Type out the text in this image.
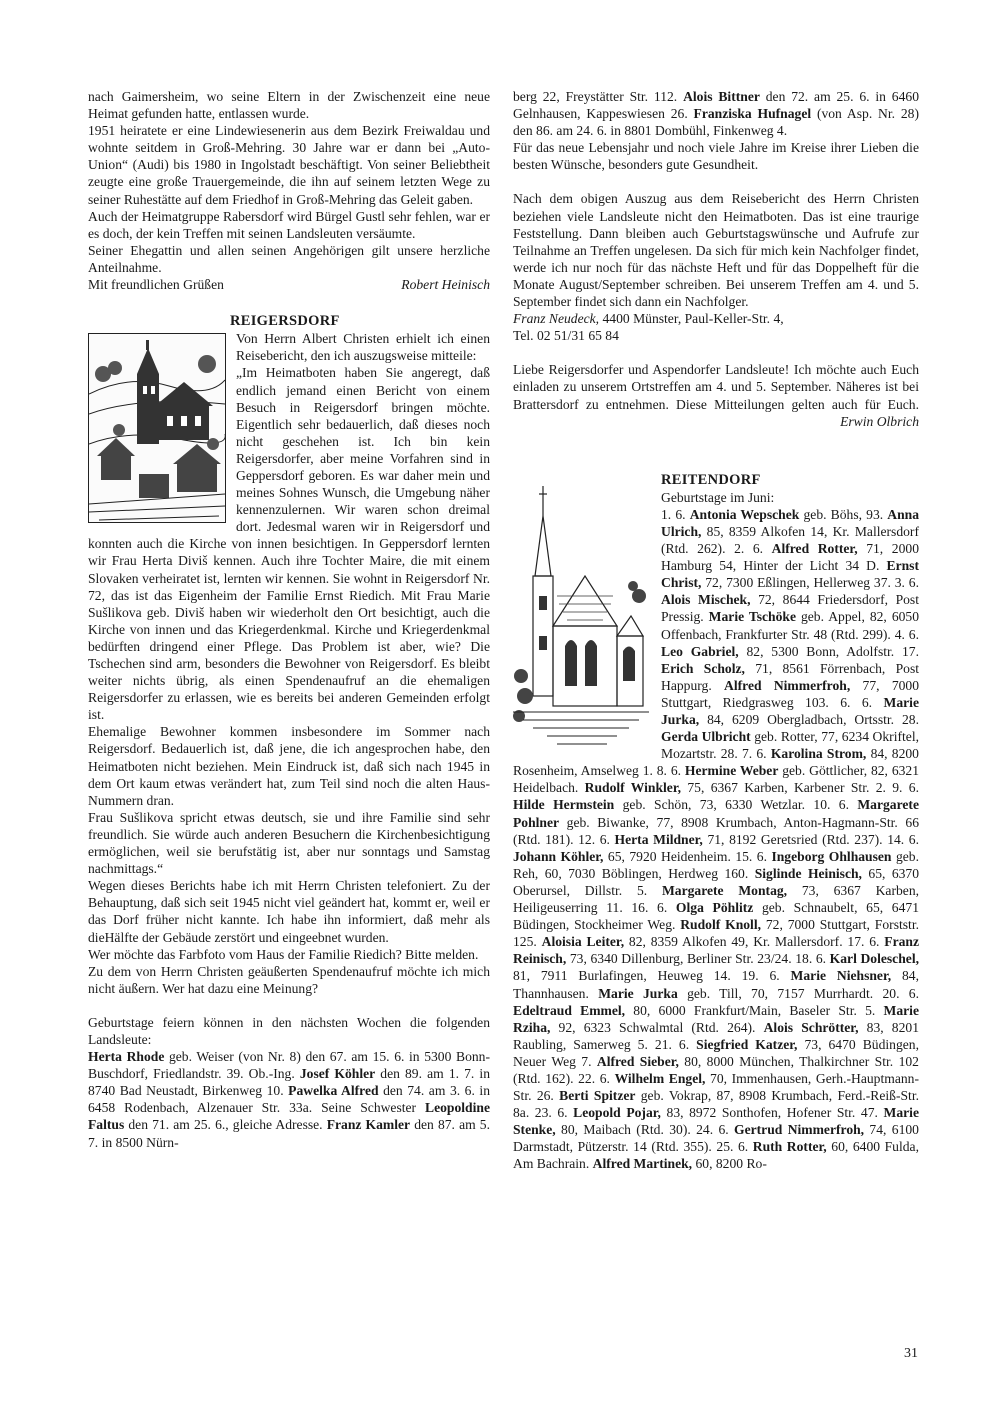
nach Gaimersheim, wo seine Eltern in der Zwischenzeit eine neue Heimat gefunden hatte, entlassen wurde.

1951 heiratete er eine Lindewiesenerin aus dem Bezirk Freiwaldau und wohnte seitdem in Groß-Mehring. 30 Jahre war er dann bei „Auto-Union“ (Audi) bis 1980 in Ingolstadt beschäftigt. Von seiner Beliebtheit zeugte eine große Trauergemeinde, die ihn auf seinem letzten Wege zu seiner Ruhestätte auf dem Friedhof in Groß-Mehring das Geleit gaben.

Auch der Heimatgruppe Rabersdorf wird Bürgel Gustl sehr fehlen, war er es doch, der kein Treffen mit seinen Landsleuten versäumte.

Seiner Ehegattin und allen seinen Angehörigen gilt unsere herzliche Anteilnahme.

Mit freundlichen Grüßen	Robert Heinisch

REIGERSDORF

Von Herrn Albert Christen erhielt ich einen Reisebericht, den ich auszugsweise mitteile:

„Im Heimatboten haben Sie angeregt, daß endlich jemand einen Bericht von einem Besuch in Reigersdorf bringen möchte. Eigentlich sehr bedauerlich, daß dieses noch nicht geschehen ist. Ich bin kein Reigersdorfer, aber meine Vorfahren sind in Geppersdorf geboren. Es war daher mein und meines Sohnes Wunsch, die Umgebung näher kennenzulernen. Wir waren schon dreimal dort. Jedesmal waren wir in Reigersdorf und konnten auch die Kirche von innen besichtigen. In Geppersdorf lernten wir Frau Herta Diviš kennen. Auch ihre Tochter Maire, die mit einem Slovaken verheiratet ist, lernten wir kennen. Sie wohnt in Reigersdorf Nr. 72, das ist das Eigenheim der Familie Ernst Riedich. Mit Frau Marie Sušlikova geb. Diviš haben wir wiederholt den Ort besichtigt, auch die Kirche von innen und das Kriegerdenkmal. Kirche und Kriegerdenkmal bedürften dringend einer Pflege. Das Problem ist aber, wie? Die Tschechen sind arm, besonders die Bewohner von Reigersdorf. Es bleibt weiter nichts übrig, als einen Spendenaufruf an die ehemaligen Reigersdorfer zu erlassen, wie es bereits bei anderen Gemeinden erfolgt ist.

Ehemalige Bewohner kommen insbesondere im Sommer nach Reigersdorf. Bedauerlich ist, daß jene, die ich angesprochen habe, den Heimatboten nicht beziehen. Mein Eindruck ist, daß sich nach 1945 in dem Ort kaum etwas verändert hat, zum Teil sind noch die alten Haus-Nummern dran.

Frau Sušlikova spricht etwas deutsch, sie und ihre Familie sind sehr freundlich. Sie würde auch anderen Besuchern die Kirchenbesichtigung ermöglichen, weil sie berufstätig ist, aber nur sonntags und Samstag nachmittags.“

Wegen dieses Berichts habe ich mit Herrn Christen telefoniert. Zu der Behauptung, daß sich seit 1945 nicht viel geändert hat, kommt er, weil er das Dorf früher nicht kannte. Ich habe ihn informiert, daß mehr als dieHälfte der Gebäude zerstört und eingeebnet wurden.

Wer möchte das Farbfoto vom Haus der Familie Riedich? Bitte melden.

Zu dem von Herrn Christen geäußerten Spendenaufruf möchte ich mich nicht äußern. Wer hat dazu eine Meinung?

Geburtstage feiern können in den nächsten Wochen die folgenden Landsleute:

Herta Rhode geb. Weiser (von Nr. 8) den 67. am 15. 6. in 5300 Bonn-Buschdorf, Friedlandstr. 39. Ob.-Ing. Josef Köhler den 89. am 1. 7. in 8740 Bad Neustadt, Birkenweg 10. Pawelka Alfred den 74. am 3. 6. in 6458 Rodenbach, Alzenauer Str. 33a. Seine Schwester Leopoldine Faltus den 71. am 25. 6., gleiche Adresse. Franz Kamler den 87. am 5. 7. in 8500 Nürn-

berg 22, Freystätter Str. 112. Alois Bittner den 72. am 25. 6. in 6460 Gelnhausen, Kappeswiesen 26. Franziska Hufnagel (von Asp. Nr. 28) den 86. am 24. 6. in 8801 Dombühl, Finkenweg 4.

Für das neue Lebensjahr und noch viele Jahre im Kreise ihrer Lieben die besten Wünsche, besonders gute Gesundheit.

Nach dem obigen Auszug aus dem Reisebericht des Herrn Christen beziehen viele Landsleute nicht den Heimatboten. Das ist eine traurige Feststellung. Dann bleiben auch Geburtstagswünsche und Aufrufe zur Teilnahme an Treffen ungelesen. Da sich für mich kein Nachfolger findet, werde ich nur noch für das nächste Heft und für das Doppelheft für die Monate August/September schreiben. Bei unserem Treffen am 4. und 5. September findet sich dann ein Nachfolger.

Franz Neudeck, 4400 Münster, Paul-Keller-Str. 4,

Tel. 02 51/31 65 84

Liebe Reigersdorfer und Aspendorfer Landsleute! Ich möchte auch Euch einladen zu unserem Ortstreffen am 4. und 5. September. Näheres ist bei Brattersdorf zu entnehmen. Diese Mitteilungen gelten auch für Euch.
Erwin Olbrich

REITENDORF

Geburtstage im Juni:

1. 6. Antonia Wepschek geb. Böhs, 93. Anna Ulrich, 85, 8359 Alkofen 14, Kr. Mallersdorf (Rtd. 262). 2. 6. Alfred Rotter, 71, 2000 Hamburg 54, Hinter der Licht 34 D. Ernst Christ, 72, 7300 Eßlingen, Hellerweg 37. 3. 6. Alois Mischek, 72, 8644 Friedersdorf, Post Pressig. Marie Tschöke geb. Appel, 82, 6050 Offenbach, Frankfurter Str. 48 (Rtd. 299). 4. 6. Leo Gabriel, 82, 5300 Bonn, Adolfstr. 17. Erich Scholz, 71, 8561 Förrenbach, Post Happurg. Alfred Nimmerfroh, 77, 7000 Stuttgart, Riedgrasweg 103. 6. 6. Marie Jurka, 84, 6209 Obergladbach, Ortsstr. 28. Gerda Ulbricht geb. Rotter, 77, 6234 Okriftel, Mozartstr. 28. 7. 6. Karolina Strom, 84, 8200 Rosenheim, Amselweg 1. 8. 6. Hermine Weber geb. Göttlicher, 82, 6321 Heidelbach. Rudolf Winkler, 75, 6367 Karben, Karbener Str. 2. 9. 6. Hilde Hermstein geb. Schön, 73, 6330 Wetzlar. 10. 6. Margarete Pohlner geb. Biwanke, 77, 8908 Krumbach, Anton-Hagmann-Str. 66 (Rtd. 181). 12. 6. Herta Mildner, 71, 8192 Geretsried (Rtd. 237). 14. 6. Johann Köhler, 65, 7920 Heidenheim. 15. 6. Ingeborg Ohlhausen geb. Reh, 60, 7030 Böblingen, Herdweg 160. Siglinde Heinisch, 65, 6370 Oberursel, Dillstr. 5. Margarete Montag, 73, 6367 Karben, Heiligeuserring 11. 16. 6. Olga Pöhlitz geb. Schnaubelt, 65, 6471 Büdingen, Stockheimer Weg. Rudolf Knoll, 72, 7000 Stuttgart, Forststr. 125. Aloisia Leiter, 82, 8359 Alkofen 49, Kr. Mallersdorf. 17. 6. Franz Reinisch, 73, 6340 Dillenburg, Berliner Str. 23/24. 18. 6. Karl Doleschel, 81, 7911 Burlafingen, Heuweg 14. 19. 6. Marie Niehsner, 84, Thannhausen. Marie Jurka geb. Till, 70, 7157 Murrhardt. 20. 6. Edeltraud Emmel, 80, 6000 Frankfurt/Main, Baseler Str. 5. Marie Rziha, 92, 6323 Schwalmtal (Rtd. 264). Alois Schrötter, 83, 8201 Raubling, Samerweg 5. 21. 6. Siegfried Katzer, 73, 6470 Büdingen, Neuer Weg 7. Alfred Sieber, 80, 8000 München, Thalkirchner Str. 102 (Rtd. 162). 22. 6. Wilhelm Engel, 70, Immenhausen, Gerh.-Hauptmann-Str. 26. Berti Spitzer geb. Vokrap, 87, 8908 Krumbach, Ferd.-Reiß-Str. 8a. 23. 6. Leopold Pojar, 83, 8972 Sonthofen, Hofener Str. 47. Marie Stenke, 80, Maibach (Rtd. 30). 24. 6. Gertrud Nimmerfroh, 74, 6100 Darmstadt, Pützerstr. 14 (Rtd. 355). 25. 6. Ruth Rotter, 60, 6400 Fulda, Am Bachrain. Alfred Martinek, 60, 8200 Ro-

31
